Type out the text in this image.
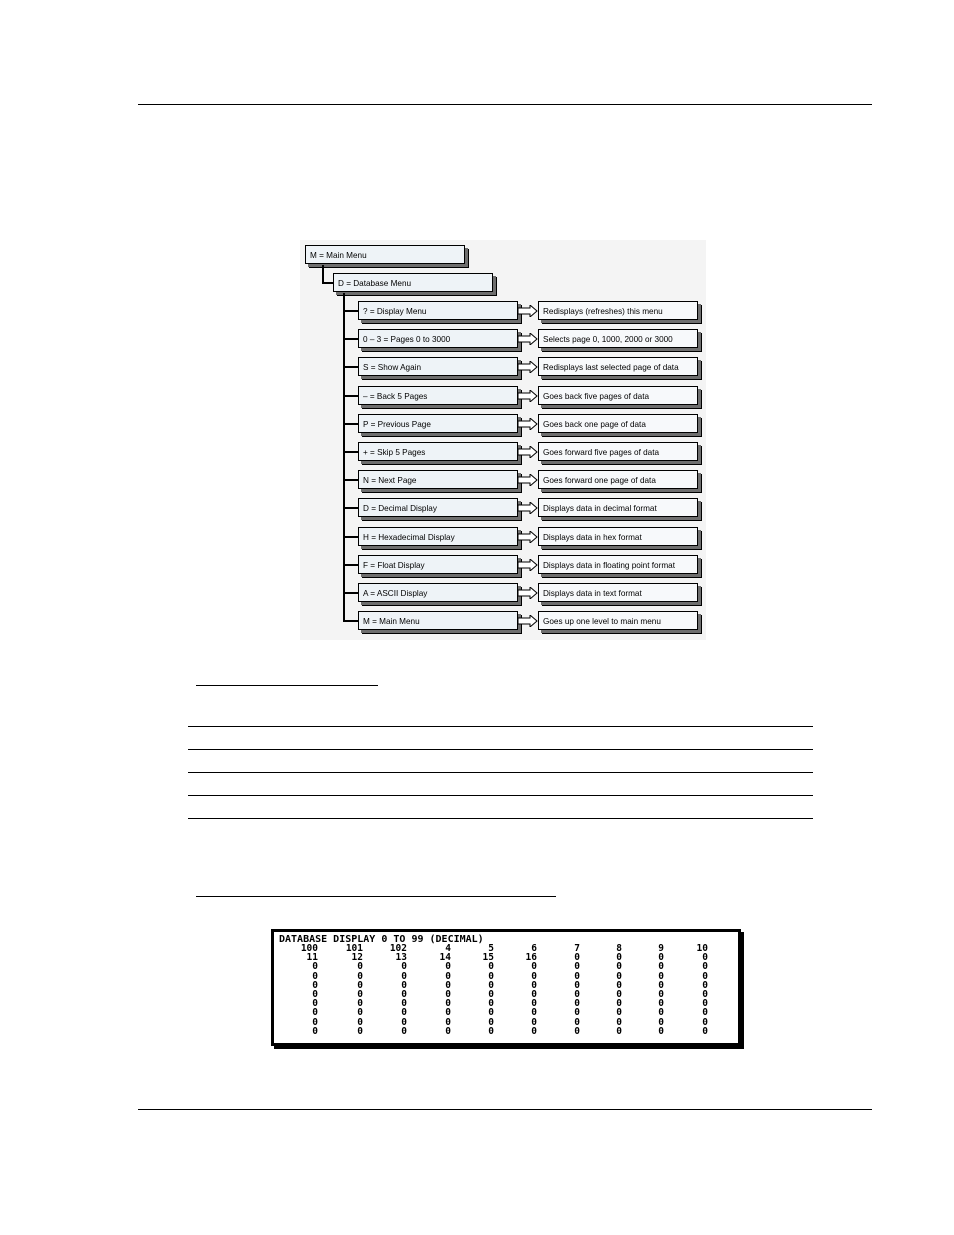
M = Main Menu
D = Database Menu
? = Display Menu	Redisplays (refreshes) this menu
0 – 3 = Pages 0 to 3000	Selects page 0, 1000, 2000 or 3000
S = Show Again	Redisplays last selected page of data
– = Back 5 Pages	Goes back five pages of data
P = Previous Page	Goes back one page of data
+ = Skip 5 Pages	Goes forward five pages of data
N = Next Page	Goes forward one page of data
D = Decimal Display	Displays data in decimal format
H = Hexadecimal Display	Displays data in hex format
F = Float Display	Displays data in floating point format
A = ASCII Display	Displays data in text format
M = Main Menu	Goes up one level to main menu
DATABASE DISPLAY 0 TO 99 (DECIMAL)
100	101	102	4	5	6	7	8	9	10
11	12	13	14	15	16	0	0	0	0
0	0	0	0	0	0	0	0	0	0
0	0	0	0	0	0	0	0	0	0
0	0	0	0	0	0	0	0	0	0
0	0	0	0	0	0	0	0	0	0
0	0	0	0	0	0	0	0	0	0
0	0	0	0	0	0	0	0	0	0
0	0	0	0	0	0	0	0	0	0
0	0	0	0	0	0	0	0	0	0
